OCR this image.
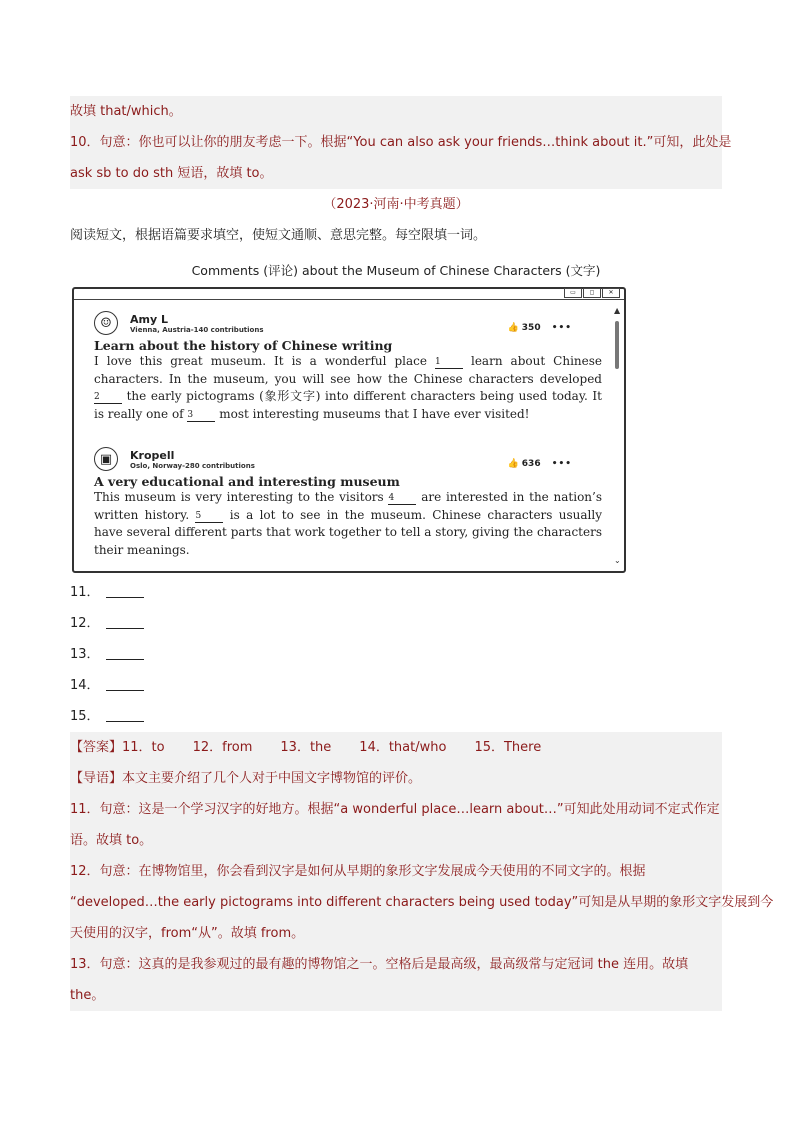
故填 that/which。
10．句意：你也可以让你的朋友考虑一下。根据“You can also ask your friends…think about it.”可知，此处是
ask sb to do sth 短语，故填 to。
（2023·河南·中考真题）
阅读短文，根据语篇要求填空，使短文通顺、意思完整。每空限填一词。
Comments (评论) about the Museum of Chinese Characters (文字)
▭	◻	✕
▲
⌄
☺	Amy L
Vienna, Austria-140 contributions	👍 350 •••
Learn about the history of Chinese writing
I love this great museum. It is a wonderful place 1 learn about Chinese characters. In the museum, you will see how the Chinese characters developed 2 the early pictograms (象形文字) into different characters being used today. It is really one of 3 most interesting museums that I have ever visited!
▣	Kropell
Oslo, Norway-280 contributions	👍 636 •••
A very educational and interesting museum
This museum is very interesting to the visitors 4 are interested in the nation’s written history. 5 is a lot to see in the museum. Chinese characters usually have several different parts that work together to tell a story, giving the characters their meanings.
11．
12．
13．
14．
15．
【答案】11．to 12．from 13．the 14．that/who 15．There
【导语】本文主要介绍了几个人对于中国文字博物馆的评价。
11．句意：这是一个学习汉字的好地方。根据“a wonderful place…learn about…”可知此处用动词不定式作定
语。故填 to。
12．句意：在博物馆里，你会看到汉字是如何从早期的象形文字发展成今天使用的不同文字的。根据
“developed…the early pictograms into different characters being used today”可知是从早期的象形文字发展到今
天使用的汉字，from“从”。故填 from。
13．句意：这真的是我参观过的最有趣的博物馆之一。空格后是最高级，最高级常与定冠词 the 连用。故填
the。
